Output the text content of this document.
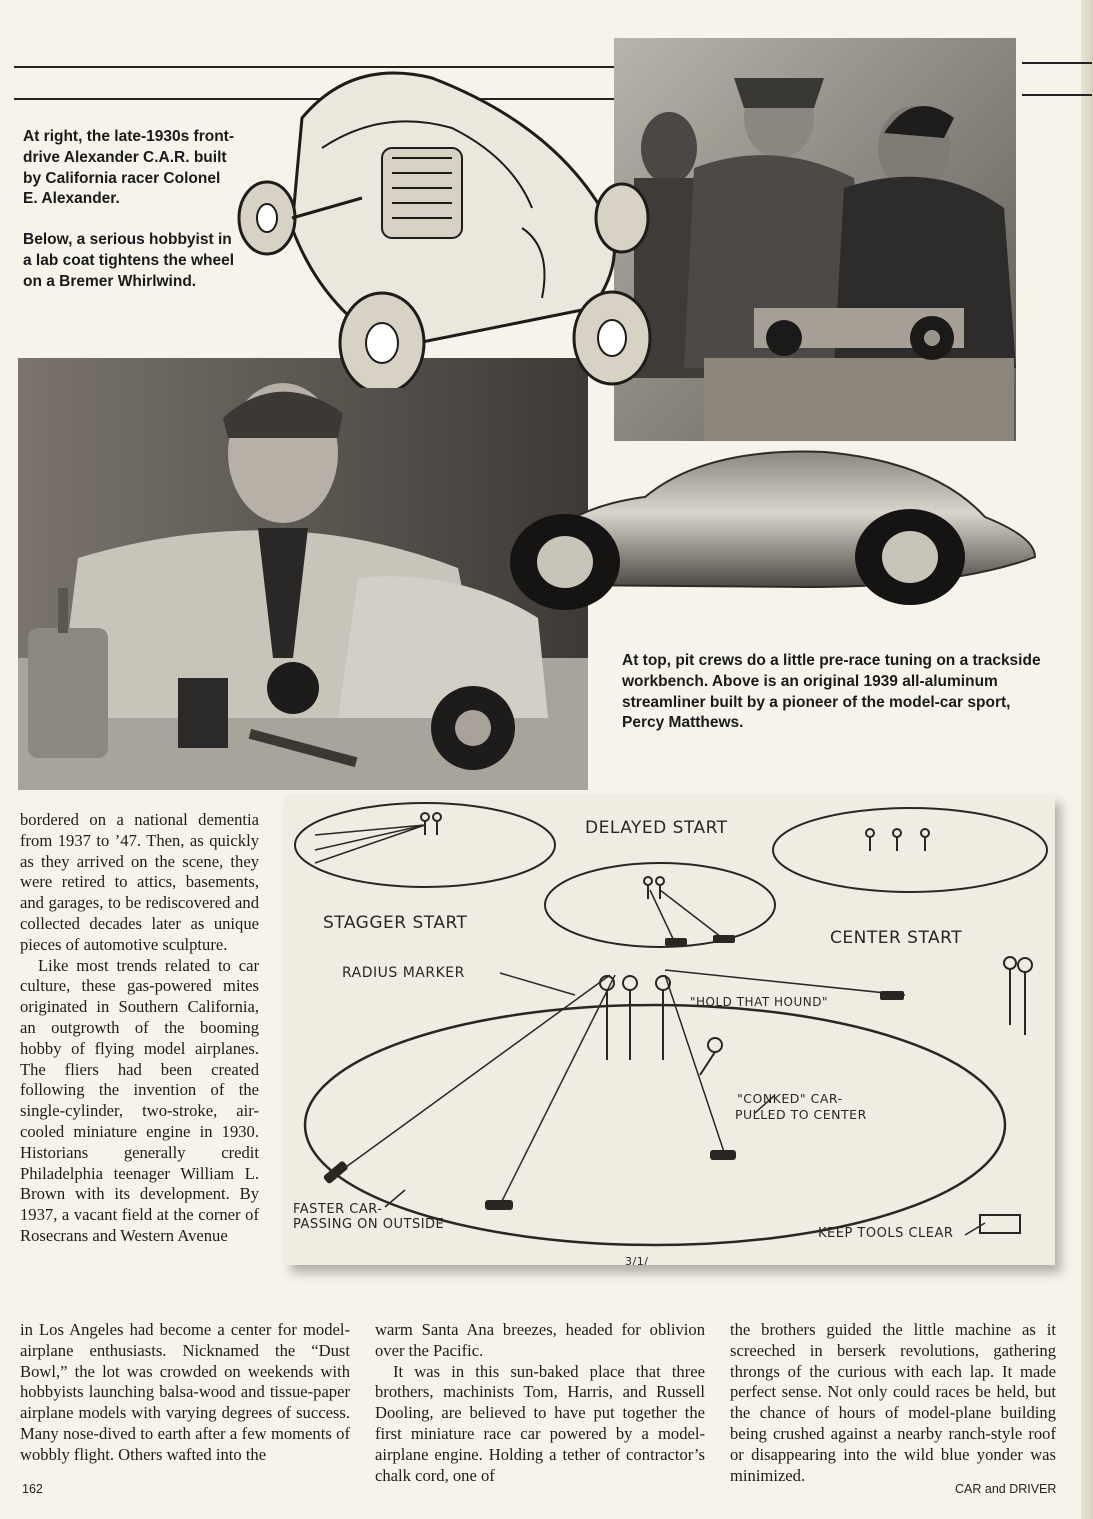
At right, the late-1930s front-drive Alexander C.A.R. built by California racer Colonel E. Alexander.

Below, a serious hobbyist in a lab coat tightens the wheel on a Bremer Whirlwind.

At top, pit crews do a little pre-race tuning on a trackside workbench. Above is an original 1939 all-aluminum streamliner built by a pioneer of the model-car sport, Percy Matthews.

DELAYED START
STAGGER START
CENTER START
RADIUS MARKER
"HOLD THAT HOUND"
"CONKED" CAR-
PULLED TO CENTER
FASTER CAR-
PASSING ON OUTSIDE
KEEP TOOLS CLEAR
3/1/

bordered on a national dementia from 1937 to ’47. Then, as quickly as they arrived on the scene, they were retired to attics, basements, and garages, to be rediscovered and collected decades later as unique pieces of automotive sculpture.

Like most trends related to car culture, these gas-powered mites originated in Southern California, an outgrowth of the booming hobby of flying model airplanes. The fliers had been created following the invention of the single-cylinder, two-stroke, air-cooled miniature engine in 1930. Historians generally credit Philadelphia teenager William L. Brown with its development. By 1937, a vacant field at the corner of Rosecrans and Western Avenue

in Los Angeles had become a center for model-airplane enthusiasts. Nicknamed the “Dust Bowl,” the lot was crowded on weekends with hobbyists launching balsa-wood and tissue-paper airplane models with varying degrees of success. Many nose-dived to earth after a few moments of wobbly flight. Others wafted into the

warm Santa Ana breezes, headed for oblivion over the Pacific.

It was in this sun-baked place that three brothers, machinists Tom, Harris, and Russell Dooling, are believed to have put together the first miniature race car powered by a model-airplane engine. Holding a tether of contractor’s chalk cord, one of

the brothers guided the little machine as it screeched in berserk revolutions, gathering throngs of the curious with each lap. It made perfect sense. Not only could races be held, but the chance of hours of model-plane building being crushed against a nearby ranch-style roof or disappearing into the wild blue yonder was minimized.

162	CAR and DRIVER
